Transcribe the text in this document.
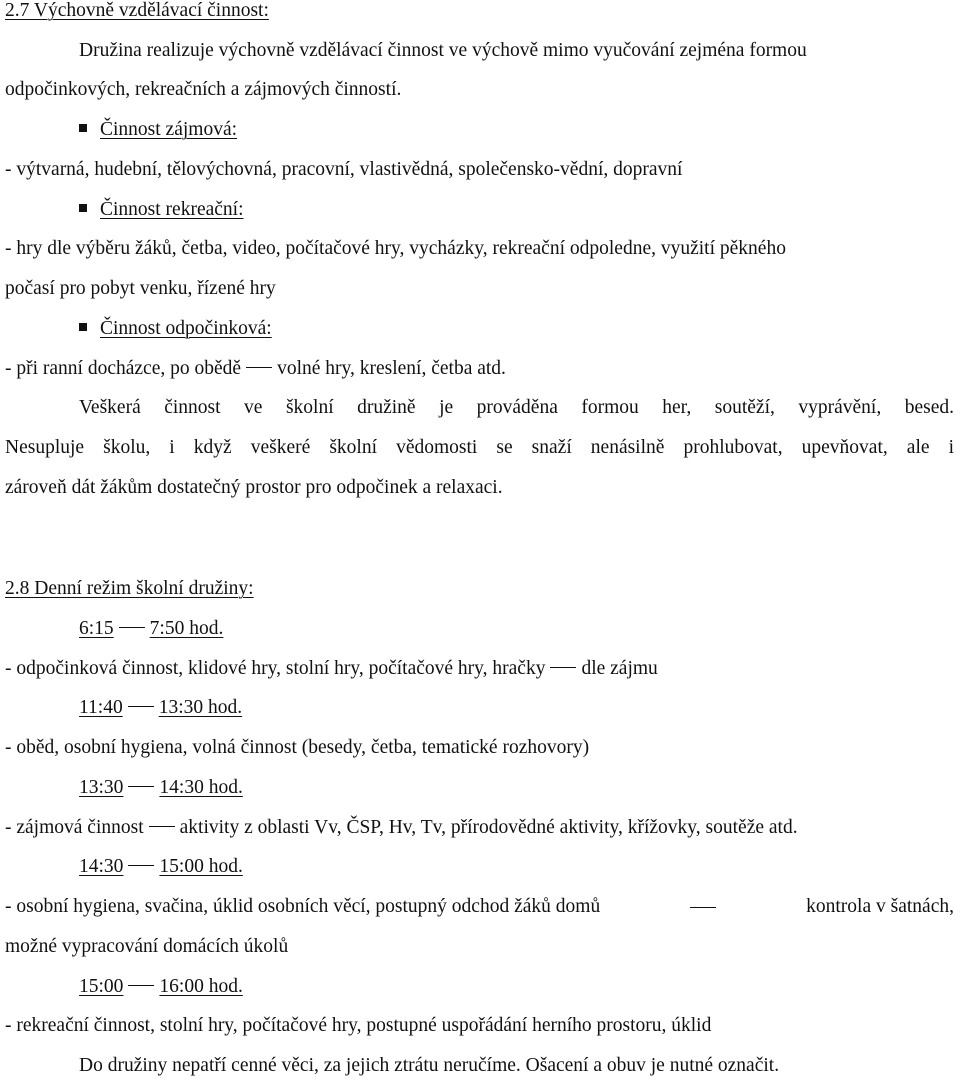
2.7 Výchovně vzdělávací činnost:
Družina realizuje výchovně vzdělávací činnost ve výchově mimo vyučování zejména formou
odpočinkových, rekreačních a zájmových činností.
Činnost zájmová:
- výtvarná, hudební, tělovýchovná, pracovní, vlastivědná, společensko-vědní, dopravní
Činnost rekreační:
- hry dle výběru žáků, četba, video, počítačové hry, vycházky, rekreační odpoledne, využití pěkného
počasí pro pobyt venku, řízené hry
Činnost odpočinková:
- při ranní docházce, po obědě volné hry, kreslení, četba atd.
Veškerá činnost ve školní družině je prováděna formou her, soutěží, vyprávění, besed.
Nesupluje školu, i když veškeré školní vědomosti se snaží nenásilně prohlubovat, upevňovat, ale i
zároveň dát žákům dostatečný prostor pro odpočinek a relaxaci.
2.8 Denní režim školní družiny:
6:15 7:50 hod.
- odpočinková činnost, klidové hry, stolní hry, počítačové hry, hračky dle zájmu
11:40 13:30 hod.
- oběd, osobní hygiena, volná činnost (besedy, četba, tematické rozhovory)
13:30 14:30 hod.
- zájmová činnost aktivity z oblasti Vv, ČSP, Hv, Tv, přírodovědné aktivity, křížovky, soutěže atd.
14:30 15:00 hod.
- osobní hygiena, svačina, úklid osobních věcí, postupný odchod žáků domů	kontrola v šatnách,
možné vypracování domácích úkolů
15:00 16:00 hod.
- rekreační činnost, stolní hry, počítačové hry, postupné uspořádání herního prostoru, úklid
Do družiny nepatří cenné věci, za jejich ztrátu neručíme. Ošacení a obuv je nutné označit.
